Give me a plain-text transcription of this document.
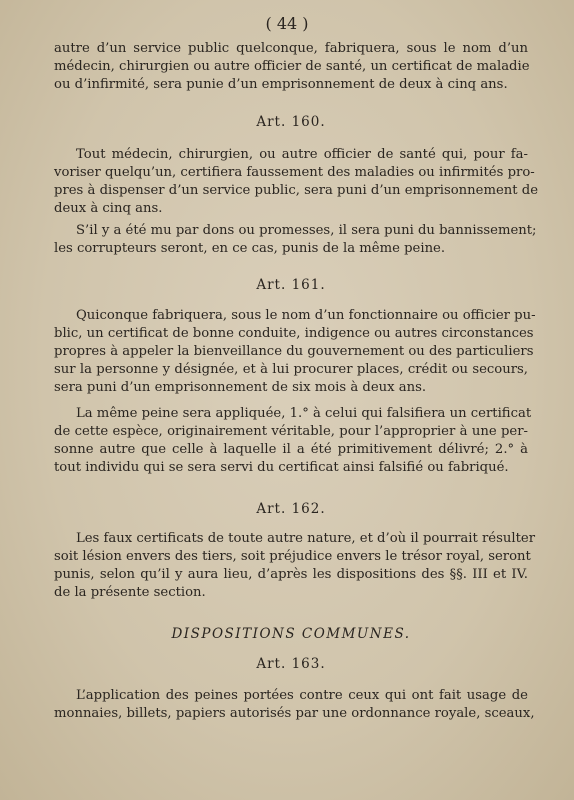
( 44 )
autre d’un service public quelconque, fabriquera, sous le nom d’un
médecin, chirurgien ou autre officier de santé, un certificat de maladie
ou d’infirmité, sera punie d’un emprisonnement de deux à cinq ans.
Art. 160.
Tout médecin, chirurgien, ou autre officier de santé qui, pour fa-
voriser quelqu’un, certifiera faussement des maladies ou infirmités pro-
pres à dispenser d’un service public, sera puni d’un emprisonnement de
deux à cinq ans.
S’il y a été mu par dons ou promesses, il sera puni du bannissement;
les corrupteurs seront, en ce cas, punis de la même peine.
Art. 161.
Quiconque fabriquera, sous le nom d’un fonctionnaire ou officier pu-
blic, un certificat de bonne conduite, indigence ou autres circonstances
propres à appeler la bienveillance du gouvernement ou des particuliers
sur la personne y désignée, et à lui procurer places, crédit ou secours,
sera puni d’un emprisonnement de six mois à deux ans.
La même peine sera appliquée, 1.° à celui qui falsifiera un certificat
de cette espèce, originairement véritable, pour l’approprier à une per-
sonne autre que celle à laquelle il a été primitivement délivré; 2.° à
tout individu qui se sera servi du certificat ainsi falsifié ou fabriqué.
Art. 162.
Les faux certificats de toute autre nature, et d’où il pourrait résulter
soit lésion envers des tiers, soit préjudice envers le trésor royal, seront
punis, selon qu’il y aura lieu, d’après les dispositions des §§. III et IV.
de la présente section.
DISPOSITIONS COMMUNES.
Art. 163.
L’application des peines portées contre ceux qui ont fait usage de
monnaies, billets, papiers autorisés par une ordonnance royale, sceaux,
